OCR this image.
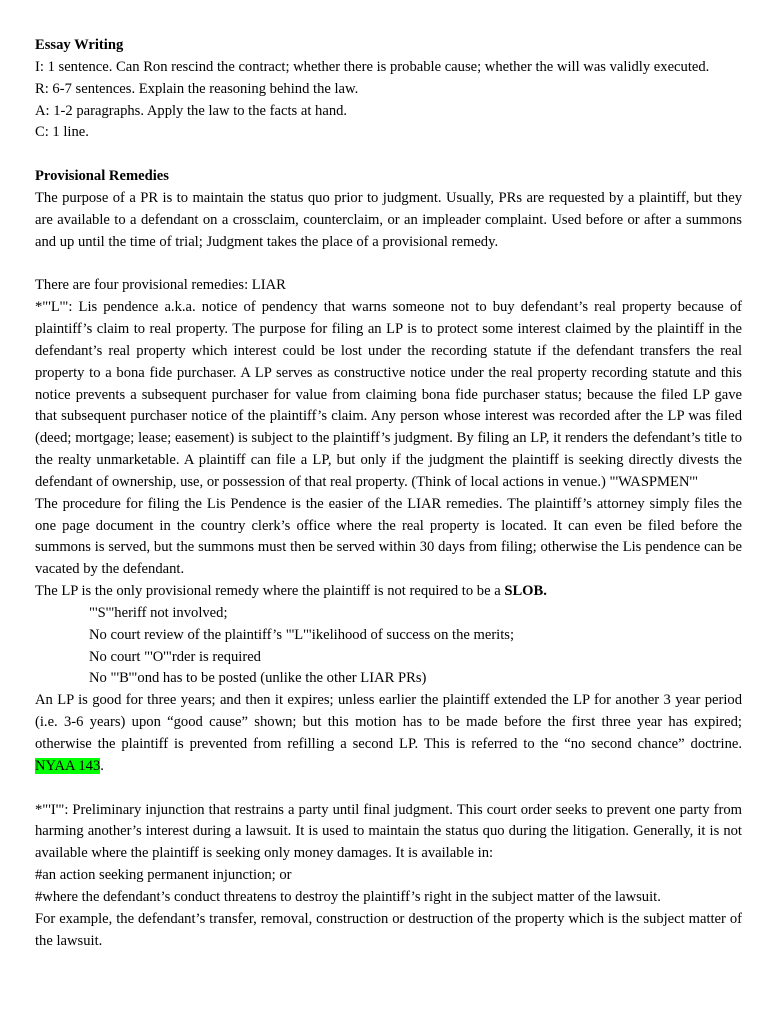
Essay Writing

I: 1 sentence. Can Ron rescind the contract; whether there is probable cause; whether the will was validly executed.

R: 6-7 sentences. Explain the reasoning behind the law.

A: 1-2 paragraphs. Apply the law to the facts at hand.

C: 1 line.

Provisional Remedies

The purpose of a PR is to maintain the status quo prior to judgment. Usually, PRs are requested by a plaintiff, but they are available to a defendant on a crossclaim, counterclaim, or an impleader complaint. Used before or after a summons and up until the time of trial; Judgment takes the place of a provisional remedy.

There are four provisional remedies: LIAR

*"'L'": Lis pendence a.k.a. notice of pendency that warns someone not to buy defendant’s real property because of plaintiff’s claim to real property. The purpose for filing an LP is to protect some interest claimed by the plaintiff in the defendant’s real property which interest could be lost under the recording statute if the defendant transfers the real property to a bona fide purchaser. A LP serves as constructive notice under the real property recording statute and this notice prevents a subsequent purchaser for value from claiming bona fide purchaser status; because the filed LP gave that subsequent purchaser notice of the plaintiff’s claim. Any person whose interest was recorded after the LP was filed (deed; mortgage; lease; easement) is subject to the plaintiff’s judgment. By filing an LP, it renders the defendant’s title to the realty unmarketable. A plaintiff can file a LP, but only if the judgment the plaintiff is seeking directly divests the defendant of ownership, use, or possession of that real property. (Think of local actions in venue.) "'WASPMEN'"

The procedure for filing the Lis Pendence is the easier of the LIAR remedies. The plaintiff’s attorney simply files the one page document in the country clerk’s office where the real property is located. It can even be filed before the summons is served, but the summons must then be served within 30 days from filing; otherwise the Lis pendence can be vacated by the defendant.

The LP is the only provisional remedy where the plaintiff is not required to be a SLOB.

"'S'"heriff not involved;

No court review of the plaintiff’s "'L'"ikelihood of success on the merits;

No court "'O'"rder is required

No "'B'"ond has to be posted (unlike the other LIAR PRs)

An LP is good for three years; and then it expires; unless earlier the plaintiff extended the LP for another 3 year period (i.e. 3-6 years) upon “good cause” shown; but this motion has to be made before the first three year has expired; otherwise the plaintiff is prevented from refilling a second LP. This is referred to the “no second chance” doctrine. NYAA 143.

*"'I'": Preliminary injunction that restrains a party until final judgment. This court order seeks to prevent one party from harming another’s interest during a lawsuit. It is used to maintain the status quo during the litigation. Generally, it is not available where the plaintiff is seeking only money damages. It is available in:

#an action seeking permanent injunction; or

#where the defendant’s conduct threatens to destroy the plaintiff’s right in the subject matter of the lawsuit.

For example, the defendant’s transfer, removal, construction or destruction of the property which is the subject matter of the lawsuit.
